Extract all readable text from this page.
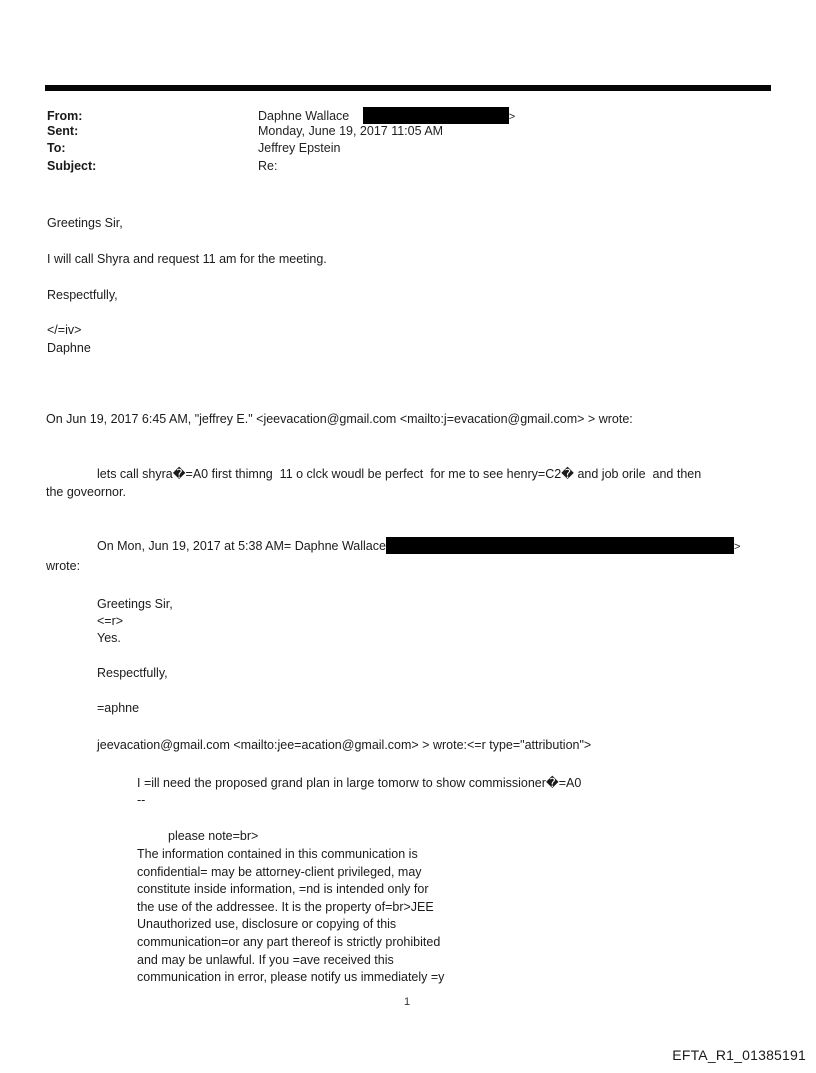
From:	Daphne Wallace	>
Sent:	Monday, June 19, 2017 11:05 AM
To:	Jeffrey Epstein
Subject:	Re:
Greetings Sir,
I will call Shyra and request 11 am for the meeting.
Respectfully,
</=iv>
Daphne
On Jun 19, 2017 6:45 AM, "jeffrey E." <jeevacation@gmail.com <mailto:j=evacation@gmail.com> > wrote:
lets call shyra�=A0 first thimng  11 o clck woudl be perfect  for me to see henry=C2� and job orile  and then
the goveornor.
On Mon, Jun 19, 2017 at 5:38 AM= Daphne Wallace	>
wrote:
Greetings Sir,
<=r>
Yes.
Respectfully,
=aphne
jeevacation@gmail.com <mailto:jee=acation@gmail.com> > wrote:<=r type="attribution">
I =ill need the proposed grand plan in large tomorw to show commissioner�=A0
--
please note=br>
The information contained in this communication is
confidential= may be attorney-client privileged, may
constitute inside information, =nd is intended only for
the use of the addressee. It is the property of=br>JEE
Unauthorized use, disclosure or copying of this
communication=or any part thereof is strictly prohibited
and may be unlawful. If you =ave received this
communication in error, please notify us immediately =y
1
EFTA_R1_01385191
